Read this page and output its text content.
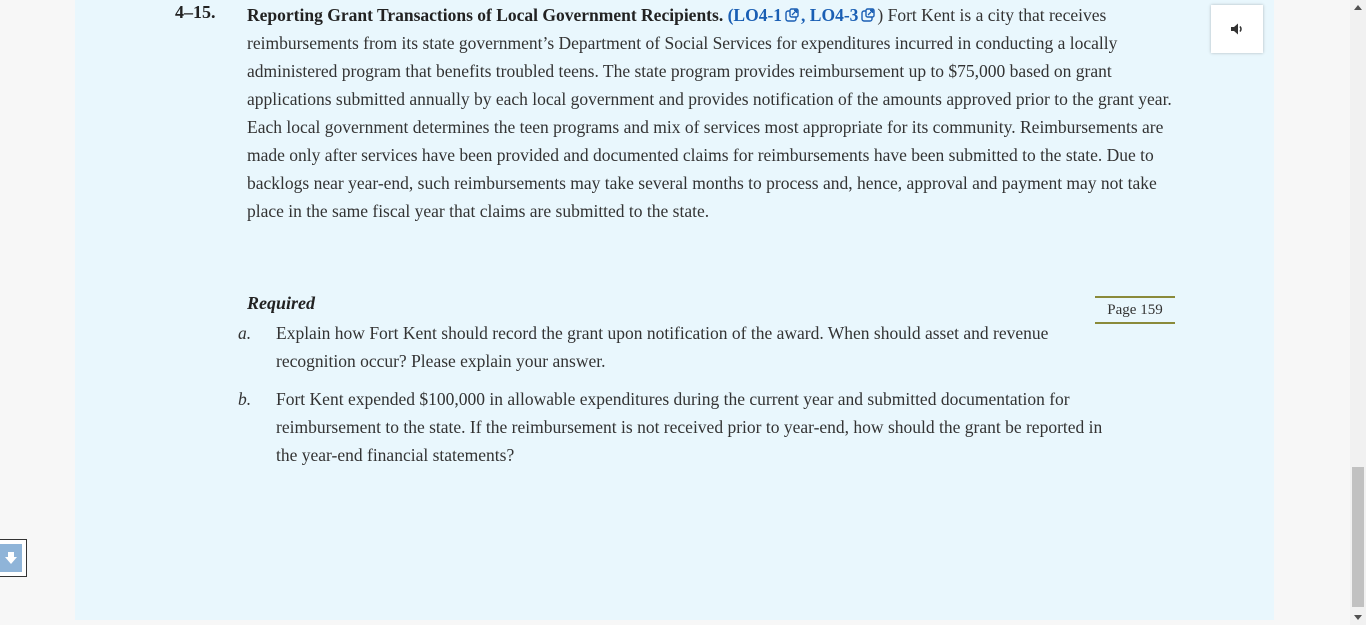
4–15. Reporting Grant Transactions of Local Government Recipients. (LO4-1 , LO4-3 ) Fort Kent is a city that receives reimbursements from its state government’s Department of Social Services for expenditures incurred in conducting a locally administered program that benefits troubled teens. The state program provides reimbursement up to $75,000 based on grant applications submitted annually by each local government and provides notification of the amounts approved prior to the grant year. Each local government determines the teen programs and mix of services most appropriate for its community. Reimbursements are made only after services have been provided and documented claims for reimbursements have been submitted to the state. Due to backlogs near year-end, such reimbursements may take several months to process and, hence, approval and payment may not take place in the same fiscal year that claims are submitted to the state.
Required	Page 159
a. Explain how Fort Kent should record the grant upon notification of the award. When should asset and revenue recognition occur? Please explain your answer.
b. Fort Kent expended $100,000 in allowable expenditures during the current year and submitted documentation for reimbursement to the state. If the reimbursement is not received prior to year-end, how should the grant be reported in the year-end financial statements?
